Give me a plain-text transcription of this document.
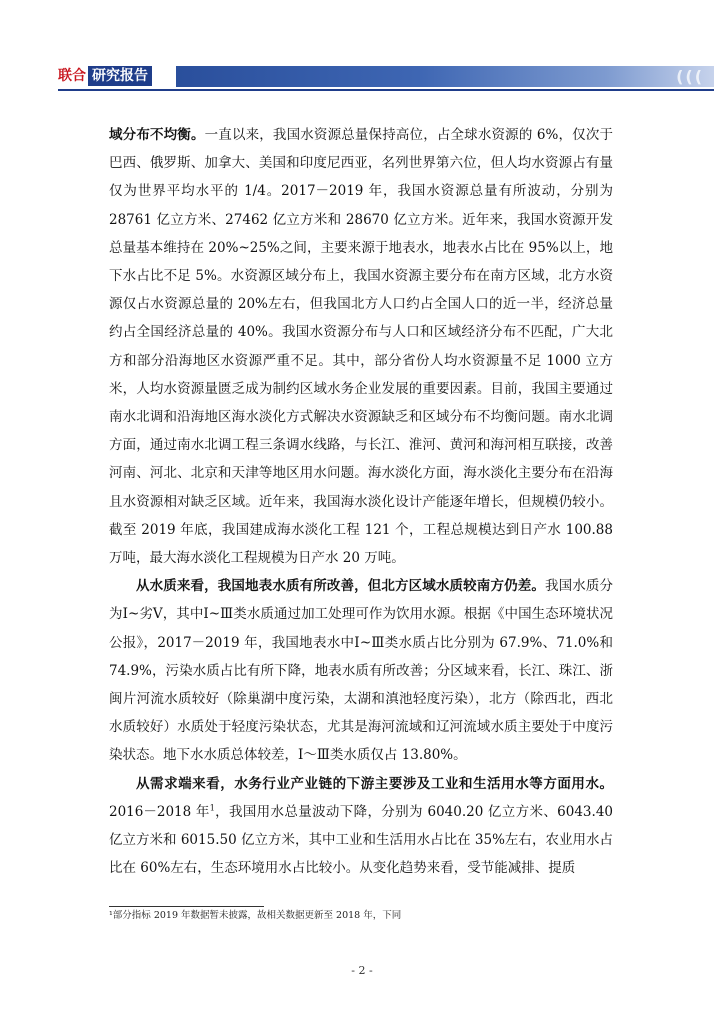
联合 研究报告	(((

域分布不均衡。一直以来，我国水资源总量保持高位，占全球水资源的 6%，仅次于巴西、俄罗斯、加拿大、美国和印度尼西亚，名列世界第六位，但人均水资源占有量仅为世界平均水平的 1/4。2017－2019 年，我国水资源总量有所波动，分别为 28761 亿立方米、27462 亿立方米和 28670 亿立方米。近年来，我国水资源开发总量基本维持在 20%~25%之间，主要来源于地表水，地表水占比在 95%以上，地下水占比不足 5%。水资源区域分布上，我国水资源主要分布在南方区域，北方水资源仅占水资源总量的 20%左右，但我国北方人口约占全国人口的近一半，经济总量约占全国经济总量的 40%。我国水资源分布与人口和区域经济分布不匹配，广大北方和部分沿海地区水资源严重不足。其中，部分省份人均水资源量不足 1000 立方米，人均水资源量匮乏成为制约区域水务企业发展的重要因素。目前，我国主要通过南水北调和沿海地区海水淡化方式解决水资源缺乏和区域分布不均衡问题。南水北调方面，通过南水北调工程三条调水线路，与长江、淮河、黄河和海河相互联接，改善河南、河北、北京和天津等地区用水问题。海水淡化方面，海水淡化主要分布在沿海且水资源相对缺乏区域。近年来，我国海水淡化设计产能逐年增长，但规模仍较小。截至 2019 年底，我国建成海水淡化工程 121 个，工程总规模达到日产水 100.88 万吨，最大海水淡化工程规模为日产水 20 万吨。

从水质来看，我国地表水质有所改善，但北方区域水质较南方仍差。我国水质分为Ⅰ~劣Ⅴ，其中Ⅰ~Ⅲ类水质通过加工处理可作为饮用水源。根据《中国生态环境状况公报》，2017－2019 年，我国地表水中Ⅰ~Ⅲ类水质占比分别为 67.9%、71.0%和 74.9%，污染水质占比有所下降，地表水质有所改善；分区域来看，长江、珠江、浙闽片河流水质较好（除巢湖中度污染，太湖和滇池轻度污染），北方（除西北，西北水质较好）水质处于轻度污染状态，尤其是海河流域和辽河流域水质主要处于中度污染状态。地下水水质总体较差，Ⅰ～Ⅲ类水质仅占 13.80%。

从需求端来看，水务行业产业链的下游主要涉及工业和生活用水等方面用水。2016－2018 年$^1$，我国用水总量波动下降，分别为 6040.20 亿立方米、6043.40 亿立方米和 6015.50 亿立方米，其中工业和生活用水占比在 35%左右，农业用水占比在 60%左右，生态环境用水占比较小。从变化趋势来看，受节能减排、提质

¹部分指标 2019 年数据暂未披露，故相关数据更新至 2018 年，下同
- 2 -
